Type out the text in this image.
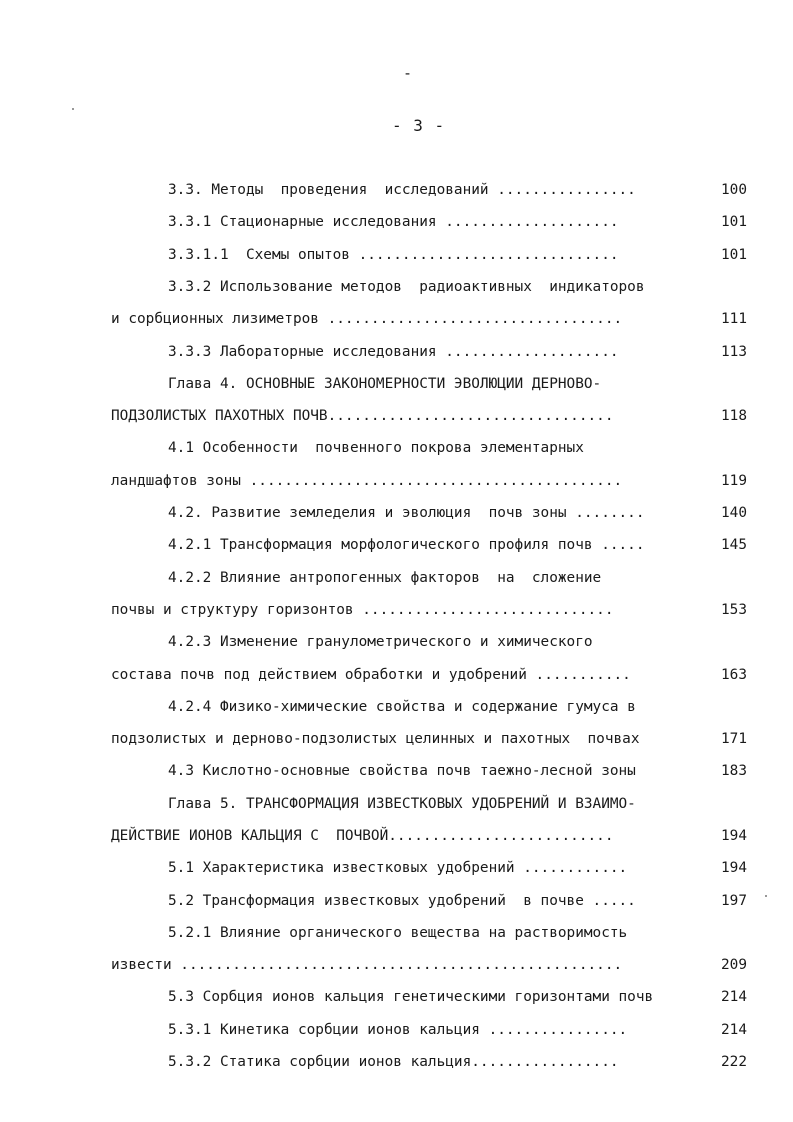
-
- 3 -
3.3. Методы  проведения  исследований ................	100
3.3.1 Стационарные исследования ....................	101
3.3.1.1  Схемы опытов ..............................	101
3.3.2 Использование методов  радиоактивных  индикаторов
и сорбционных лизиметров ..................................	111
3.3.3 Лабораторные исследования ....................	113
Глава 4. ОСНОВНЫЕ ЗАКОНОМЕРНОСТИ ЭВОЛЮЦИИ ДЕРНОВО-
ПОДЗОЛИСТЫХ ПАХОТНЫХ ПОЧВ.................................	118
4.1 Особенности  почвенного покрова элементарных
ландшафтов зоны ...........................................	119
4.2. Развитие земледелия и эволюция  почв зоны ........	140
4.2.1 Трансформация морфологического профиля почв .....	145
4.2.2 Влияние антропогенных факторов  на  сложение
почвы и структуру горизонтов .............................	153
4.2.3 Изменение гранулометрического и химического
состава почв под действием обработки и удобрений ...........	163
4.2.4 Физико-химические свойства и содержание гумуса в
подзолистых и дерново-подзолистых целинных и пахотных  почвах	171
4.3 Кислотно-основные свойства почв таежно-лесной зоны	183
Глава 5. ТРАНСФОРМАЦИЯ ИЗВЕСТКОВЫХ УДОБРЕНИЙ И ВЗАИМО-
ДЕЙСТВИЕ ИОНОВ КАЛЬЦИЯ С  ПОЧВОЙ..........................	194
5.1 Характеристика известковых удобрений ............	194
5.2 Трансформация известковых удобрений  в почве .....	197
5.2.1 Влияние органического вещества на растворимость
извести ...................................................	209
5.3 Сорбция ионов кальция генетическими горизонтами почв	214
5.3.1 Кинетика сорбции ионов кальция ................	214
5.3.2 Статика сорбции ионов кальция.................	222
